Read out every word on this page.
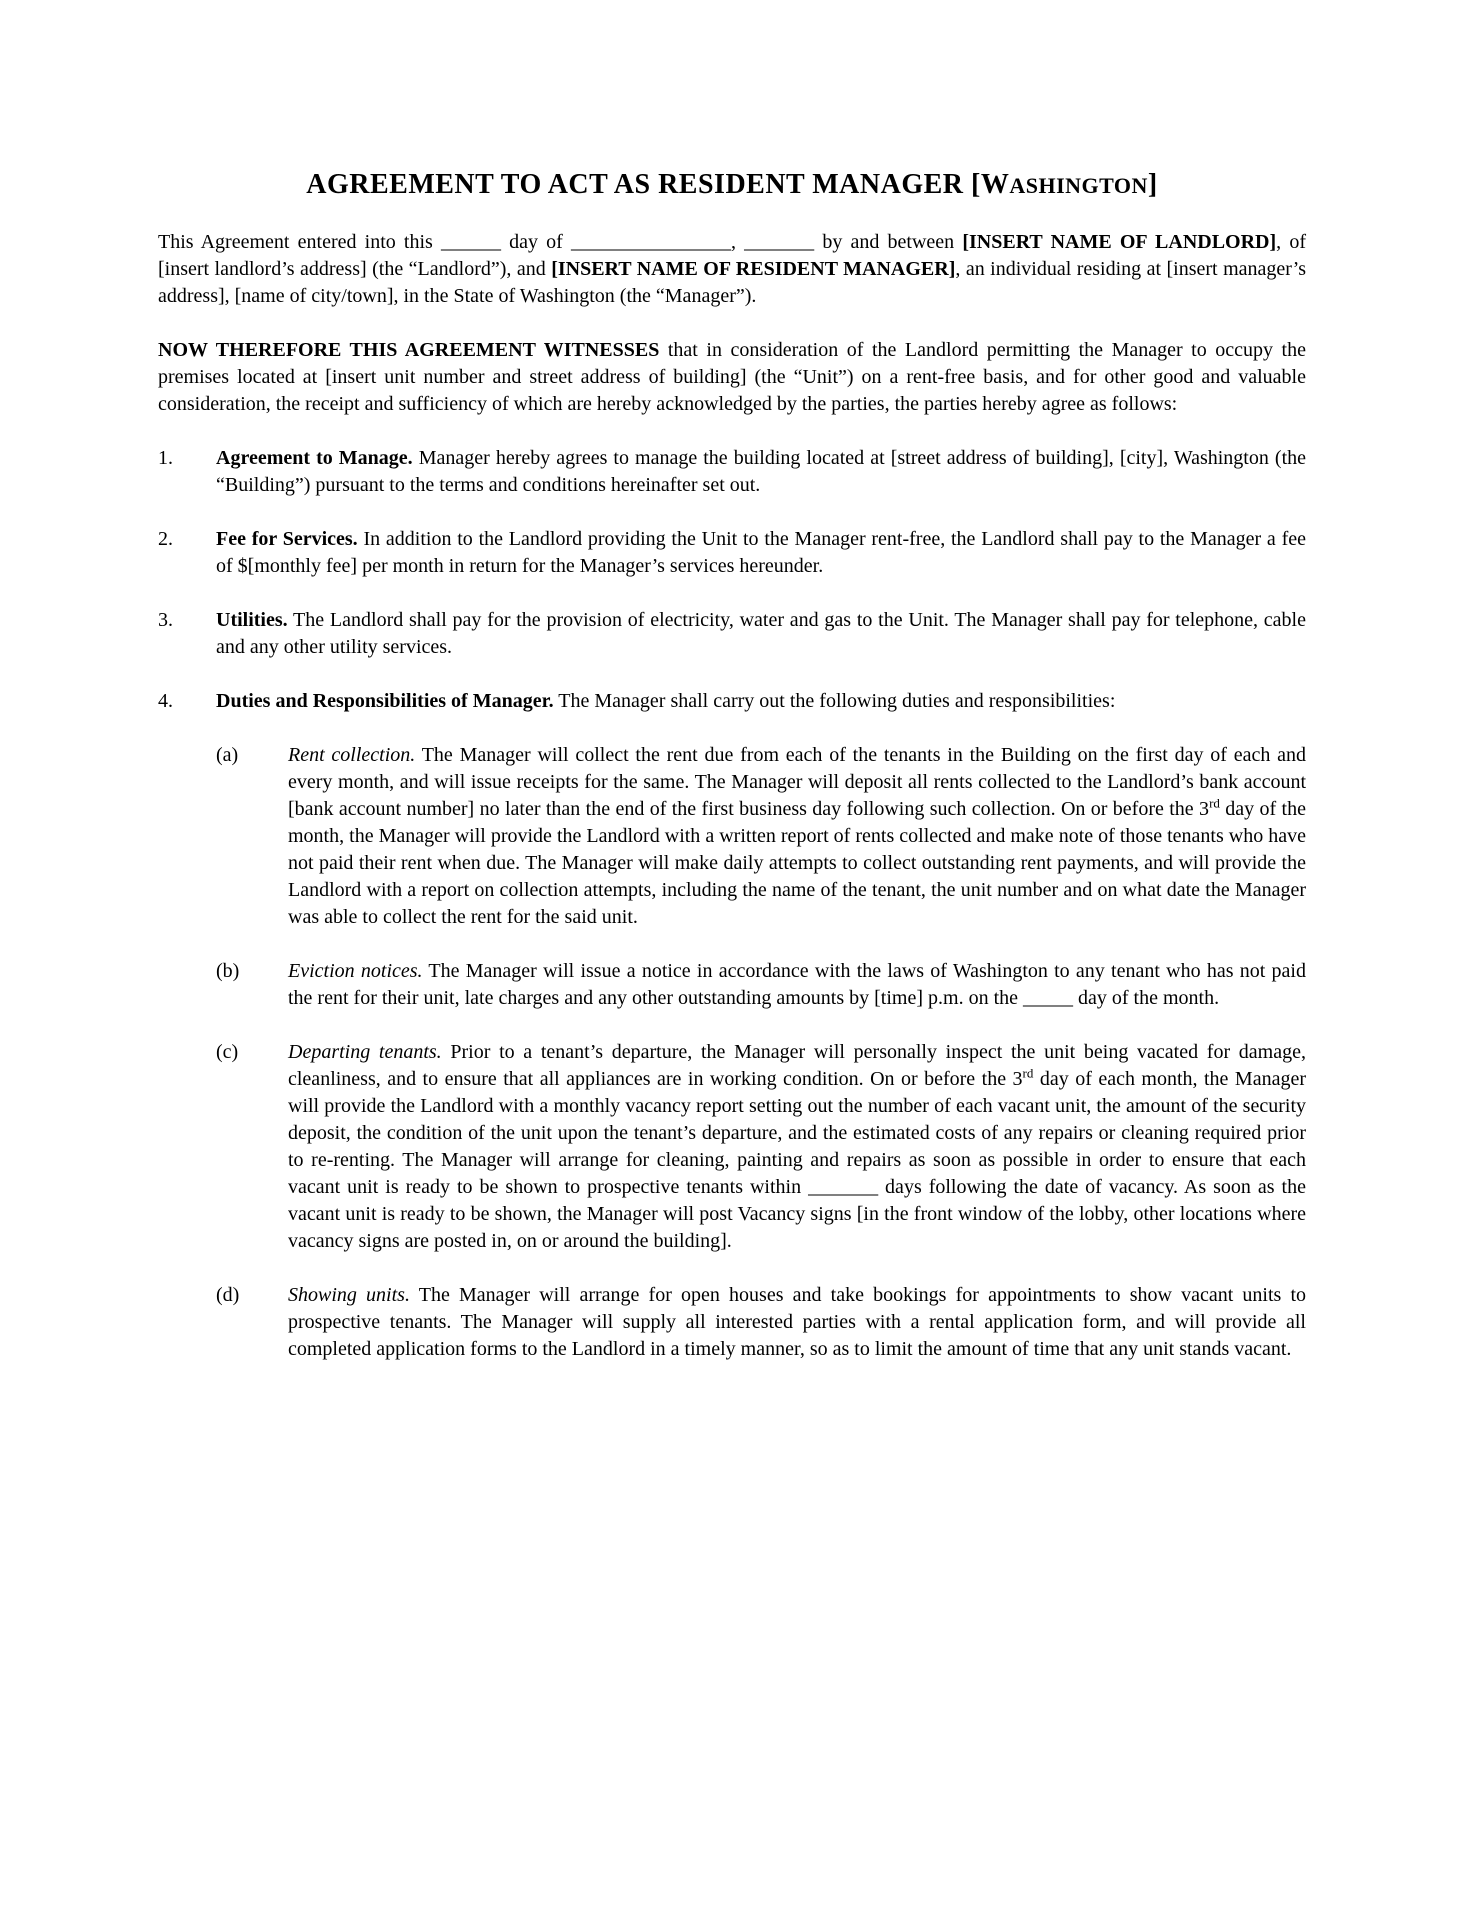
AGREEMENT TO ACT AS RESIDENT MANAGER [WASHINGTON]

This Agreement entered into this ______ day of ________________, _______ by and between [INSERT NAME OF LANDLORD], of [insert landlord’s address] (the “Landlord”), and [INSERT NAME OF RESIDENT MANAGER], an individual residing at [insert manager’s address], [name of city/town], in the State of Washington (the “Manager”).

NOW THEREFORE THIS AGREEMENT WITNESSES that in consideration of the Landlord permitting the Manager to occupy the premises located at [insert unit number and street address of building] (the “Unit”) on a rent-free basis, and for other good and valuable consideration, the receipt and sufficiency of which are hereby acknowledged by the parties, the parties hereby agree as follows:

1.	Agreement to Manage. Manager hereby agrees to manage the building located at [street address of building], [city], Washington (the “Building”) pursuant to the terms and conditions hereinafter set out.
2.	Fee for Services. In addition to the Landlord providing the Unit to the Manager rent-free, the Landlord shall pay to the Manager a fee of $[monthly fee] per month in return for the Manager’s services hereunder.
3.	Utilities. The Landlord shall pay for the provision of electricity, water and gas to the Unit. The Manager shall pay for telephone, cable and any other utility services.
4.	Duties and Responsibilities of Manager. The Manager shall carry out the following duties and responsibilities:
(a)	Rent collection. The Manager will collect the rent due from each of the tenants in the Building on the first day of each and every month, and will issue receipts for the same. The Manager will deposit all rents collected to the Landlord’s bank account [bank account number] no later than the end of the first business day following such collection. On or before the 3rd day of the month, the Manager will provide the Landlord with a written report of rents collected and make note of those tenants who have not paid their rent when due. The Manager will make daily attempts to collect outstanding rent payments, and will provide the Landlord with a report on collection attempts, including the name of the tenant, the unit number and on what date the Manager was able to collect the rent for the said unit.
(b)	Eviction notices. The Manager will issue a notice in accordance with the laws of Washington to any tenant who has not paid the rent for their unit, late charges and any other outstanding amounts by [time] p.m. on the _____ day of the month.
(c)	Departing tenants. Prior to a tenant’s departure, the Manager will personally inspect the unit being vacated for damage, cleanliness, and to ensure that all appliances are in working condition. On or before the 3rd day of each month, the Manager will provide the Landlord with a monthly vacancy report setting out the number of each vacant unit, the amount of the security deposit, the condition of the unit upon the tenant’s departure, and the estimated costs of any repairs or cleaning required prior to re-renting. The Manager will arrange for cleaning, painting and repairs as soon as possible in order to ensure that each vacant unit is ready to be shown to prospective tenants within _______ days following the date of vacancy. As soon as the vacant unit is ready to be shown, the Manager will post Vacancy signs [in the front window of the lobby, other locations where vacancy signs are posted in, on or around the building].
(d)	Showing units. The Manager will arrange for open houses and take bookings for appointments to show vacant units to prospective tenants. The Manager will supply all interested parties with a rental application form, and will provide all completed application forms to the Landlord in a timely manner, so as to limit the amount of time that any unit stands vacant.
